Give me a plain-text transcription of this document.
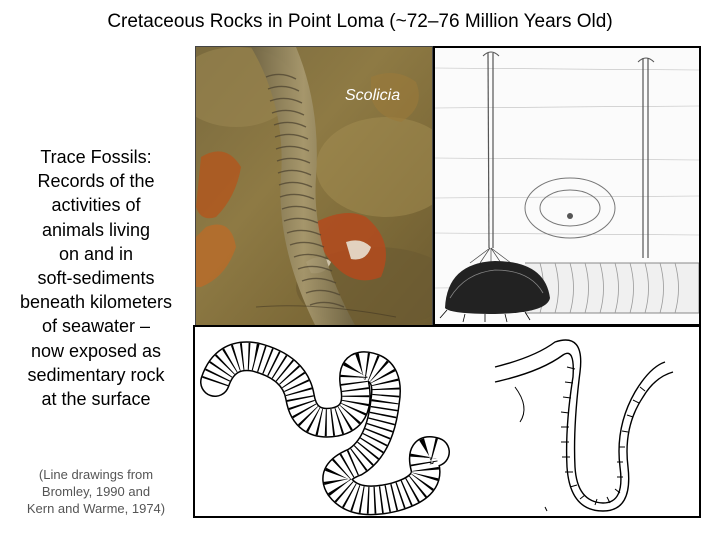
Cretaceous Rocks in Point Loma (~72–76 Million Years Old)
Trace Fossils:
Records of the
activities of
animals living
on and in
soft-sediments
beneath kilometers
of seawater –
now exposed as
sedimentary rock
at the surface
(Line drawings from
Bromley, 1990 and
Kern and Warme, 1974)
Scolicia
